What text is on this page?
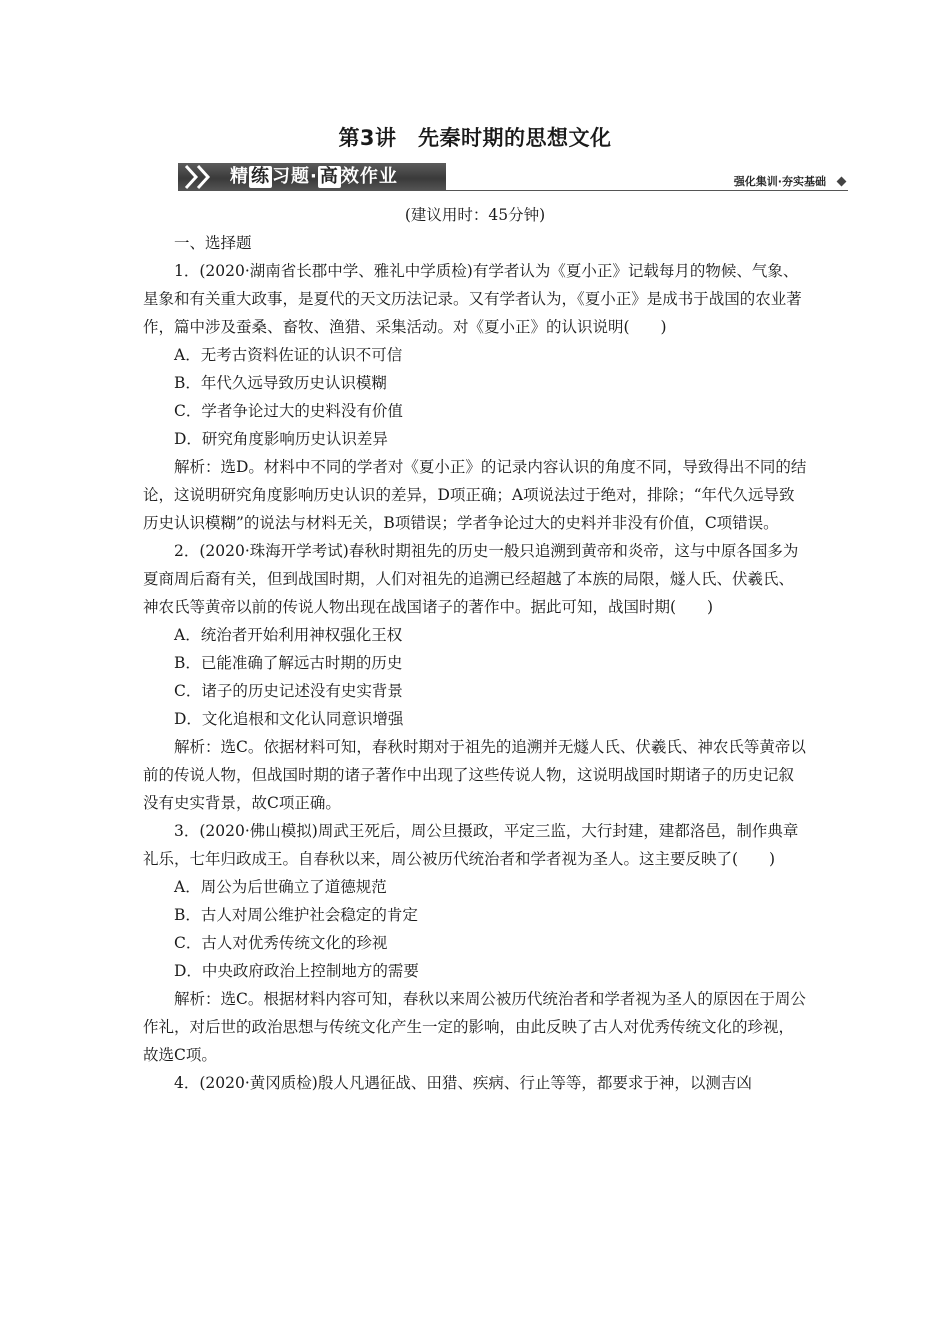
第3讲　先秦时期的思想文化
精 练 习题· 高 效作业	强化集训·夯实基础

(建议用时：45分钟)

一、选择题

1．(2020·湖南省长郡中学、雅礼中学质检)有学者认为《夏小正》记载每月的物候、气象、星象和有关重大政事，是夏代的天文历法记录。又有学者认为，《夏小正》是成书于战国的农业著作，篇中涉及蚕桑、畜牧、渔猎、采集活动。对《夏小正》的认识说明(　　)

A．无考古资料佐证的认识不可信

B．年代久远导致历史认识模糊

C．学者争论过大的史料没有价值

D．研究角度影响历史认识差异

解析：选D。材料中不同的学者对《夏小正》的记录内容认识的角度不同，导致得出不同的结论，这说明研究角度影响历史认识的差异，D项正确；A项说法过于绝对，排除；“年代久远导致历史认识模糊”的说法与材料无关，B项错误；学者争论过大的史料并非没有价值，C项错误。

2．(2020·珠海开学考试)春秋时期祖先的历史一般只追溯到黄帝和炎帝，这与中原各国多为夏商周后裔有关，但到战国时期，人们对祖先的追溯已经超越了本族的局限，燧人氏、伏羲氏、神农氏等黄帝以前的传说人物出现在战国诸子的著作中。据此可知，战国时期(　　)

A．统治者开始利用神权强化王权

B．已能准确了解远古时期的历史

C．诸子的历史记述没有史实背景

D．文化追根和文化认同意识增强

解析：选C。依据材料可知，春秋时期对于祖先的追溯并无燧人氏、伏羲氏、神农氏等黄帝以前的传说人物，但战国时期的诸子著作中出现了这些传说人物，这说明战国时期诸子的历史记叙没有史实背景，故C项正确。

3．(2020·佛山模拟)周武王死后，周公旦摄政，平定三监，大行封建，建都洛邑，制作典章礼乐，七年归政成王。自春秋以来，周公被历代统治者和学者视为圣人。这主要反映了(　　)

A．周公为后世确立了道德规范

B．古人对周公维护社会稳定的肯定

C．古人对优秀传统文化的珍视

D．中央政府政治上控制地方的需要

解析：选C。根据材料内容可知，春秋以来周公被历代统治者和学者视为圣人的原因在于周公作礼，对后世的政治思想与传统文化产生一定的影响，由此反映了古人对优秀传统文化的珍视，故选C项。

4．(2020·黄冈质检)殷人凡遇征战、田猎、疾病、行止等等，都要求于神，以测吉凶
